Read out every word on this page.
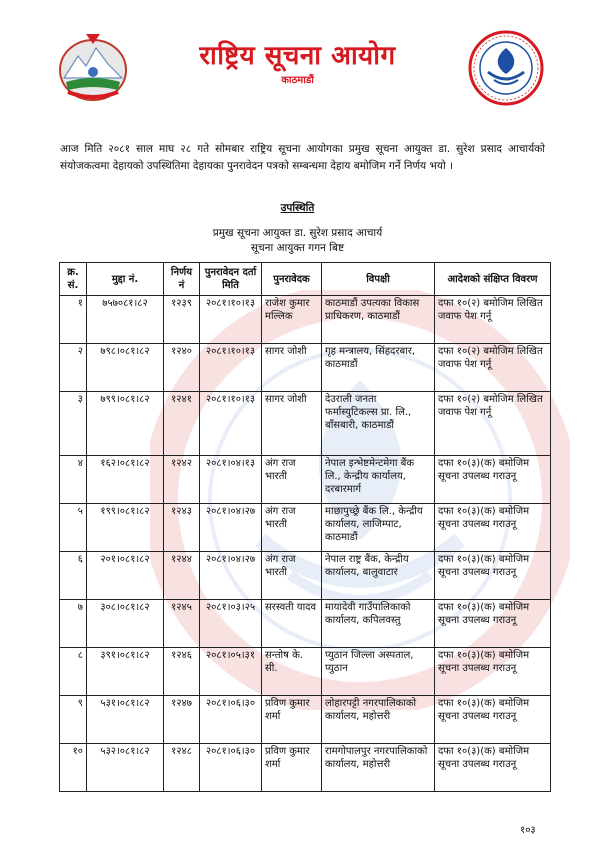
राष्ट्रिय सूचना आयोग
काठमाडौं
आज मिति २०८१ साल माघ २८ गते सोमबार राष्ट्रिय सूचना आयोगका प्रमुख सूचना आयुक्त डा. सुरेश प्रसाद आचार्यको संयोजकत्वमा देहायको उपस्थितिमा देहायका पुनरावेदन पत्रको सम्बन्धमा देहाय बमोजिम गर्ने निर्णय भयो ।
उपस्थिति
प्रमुख सूचना आयुक्त डा. सुरेश प्रसाद आचार्य
सूचना आयुक्त गगन बिष्ट
क्र. सं.	मुद्दा नं.	निर्णय नं	पुनरावेदन दर्ता मिति	पुनरावेदक	विपक्षी	आदेशको संक्षिप्त विवरण
१	७५७०८१।८२	१२३९	२०८१।१०।१३	राजेश कुमार मल्लिक	काठमाडौं उपत्यका विकास प्राधिकरण, काठमाडौं	दफा १०(२) बमोजिम लिखित जवाफ पेश गर्नू
२	७९८।०८१।८२	१२४०	२०८१।१०।१३	सागर जोशी	गृह मन्त्रालय, सिंहदरबार, काठमाडौं	दफा १०(२) बमोजिम लिखित जवाफ पेश गर्नू
३	७९९।०८१।८२	१२४१	२०८१।१०।१३	सागर जोशी	देउराली जनता फर्मास्युटिकल्स प्रा. लि., बाँसबारी, काठमाडौं	दफा १०(२) बमोजिम लिखित जवाफ पेश गर्नू
४	१६२।०८१।८२	१२४२	२०८१।०४।१३	अंग राज भारती	नेपाल इन्भेष्टमेन्टमेगा बैंक लि., केन्द्रीय कार्यालय, दरबारमार्ग	दफा १०(३)(क) बमोजिम सूचना उपलब्ध गराउनू
५	१९९।०८१।८२	१२४३	२०८१।०४।२७	अंग राज भारती	माछापुच्छ्रे बैंक लि., केन्द्रीय कार्यालय, लाजिम्पाट, काठमाडौं	दफा १०(३)(क) बमोजिम सूचना उपलब्ध गराउनू
६	२०१।०८१।८२	१२४४	२०८१।०४।२७	अंग राज भारती	नेपाल राष्ट्र बैंक, केन्द्रीय कार्यालय, बालुवाटार	दफा १०(३)(क) बमोजिम सूचना उपलब्ध गराउनू
७	३०८।०८१।८२	१२४५	२०८१।०३।२५	सरस्वती यादव	मायादेवी गाउँपालिकाको कार्यालय, कपिलवस्तु	दफा १०(३)(क) बमोजिम सूचना उपलब्ध गराउनू
८	३९१।०८१।८२	१२४६	२०८१।०५।३१	सन्तोष के. सी.	प्युठान जिल्ला अस्पताल, प्युठान	दफा १०(३)(क) बमोजिम सूचना उपलब्ध गराउनू
९	५३१।०८१।८२	१२४७	२०८१।०६।३०	प्रविण कुमार शर्मा	लोहारपट्टी नगरपालिकाको कार्यालय, महोत्तरी	दफा १०(३)(क) बमोजिम सूचना उपलब्ध गराउनू
१०	५३२।०८१।८२	१२४८	२०८१।०६।३०	प्रविण कुमार शर्मा	रामगोपालपुर नगरपालिकाको कार्यालय, महोत्तरी	दफा १०(३)(क) बमोजिम सूचना उपलब्ध गराउनू
१०३
